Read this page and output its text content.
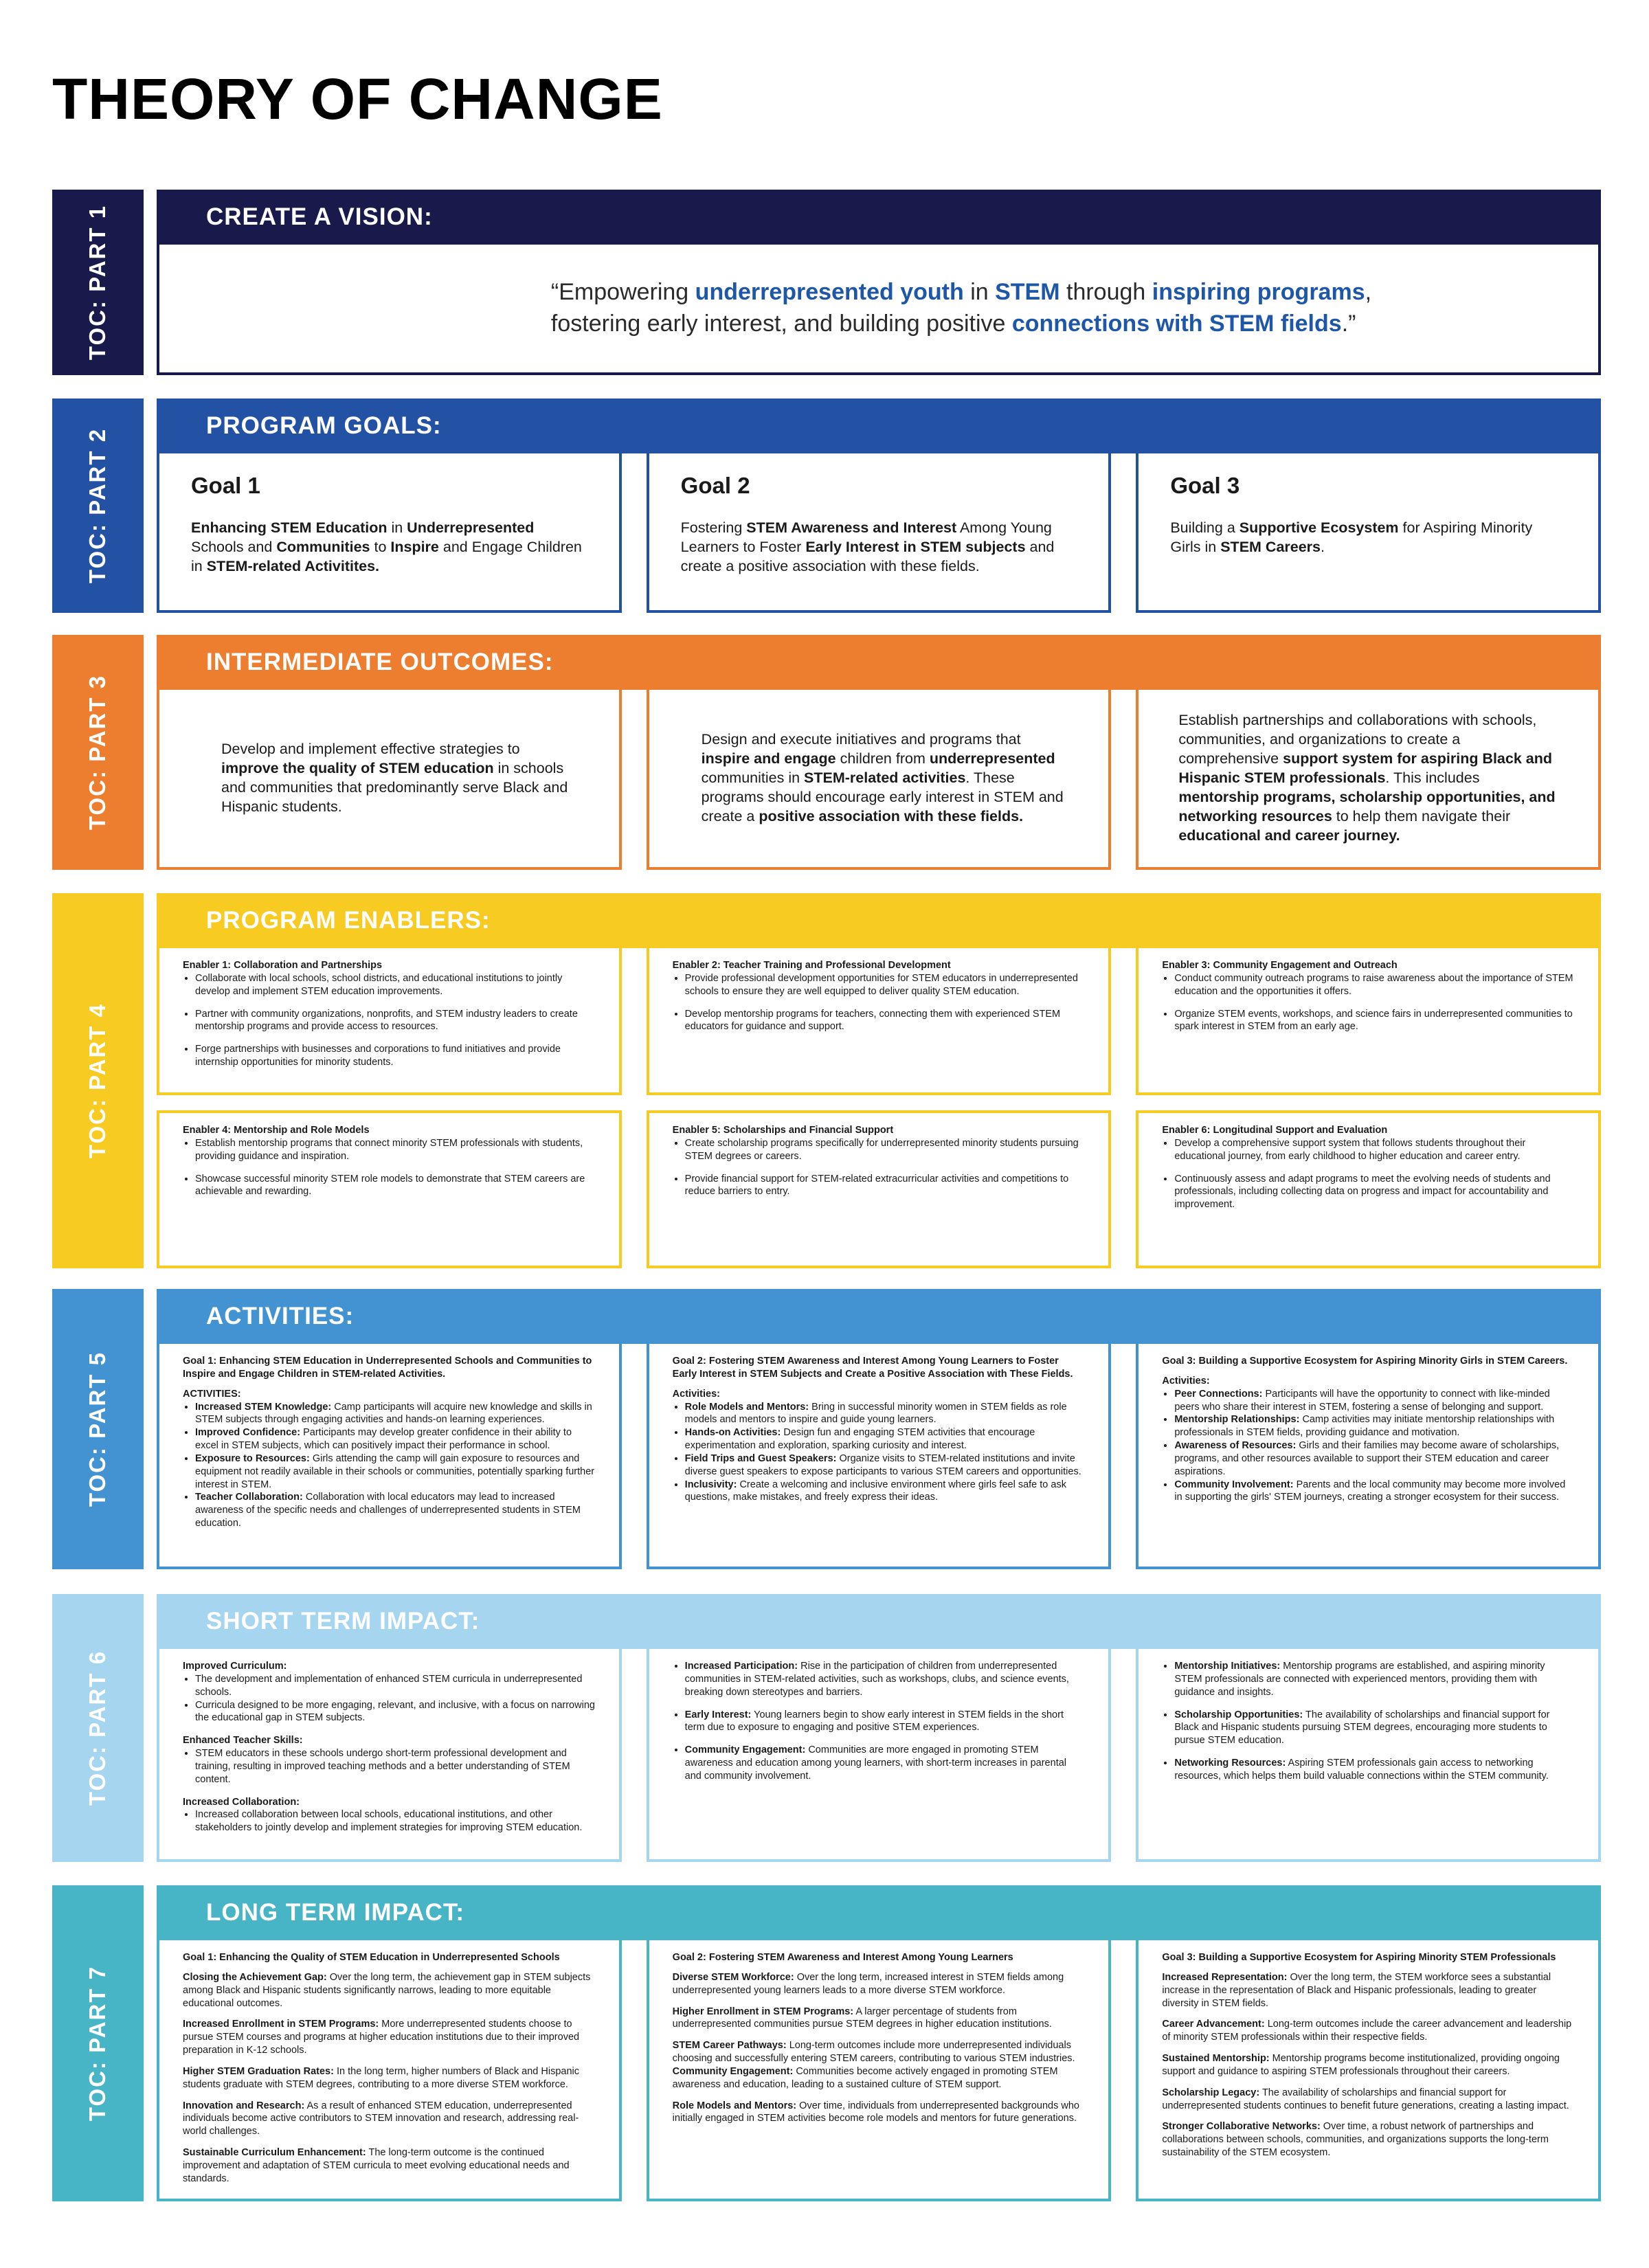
THEORY OF CHANGE
TOC: PART 1	CREATE A VISION:
“Empowering underrepresented youth in STEM through inspiring programs,
fostering early interest, and building positive connections with STEM fields.”
TOC: PART 2
PROGRAM GOALS:
Goal 1
Enhancing STEM Education in Underrepresented Schools and Communities to Inspire and Engage Children in STEM-related Activitites.
Goal 2
Fostering STEM Awareness and Interest Among Young Learners to Foster Early Interest in STEM subjects and create a positive association with these fields.
Goal 3
Building a Supportive Ecosystem for Aspiring Minority Girls in STEM Careers.
TOC: PART 3
INTERMEDIATE OUTCOMES:
Develop and implement effective strategies to improve the quality of STEM education in schools and communities that predominantly serve Black and Hispanic students.
Design and execute initiatives and programs that inspire and engage children from underrepresented communities in STEM-related activities. These programs should encourage early interest in STEM and create a positive association with these fields.
Establish partnerships and collaborations with schools, communities, and organizations to create a comprehensive support system for aspiring Black and Hispanic STEM professionals. This includes mentorship programs, scholarship opportunities, and networking resources to help them navigate their educational and career journey.
TOC: PART 4
PROGRAM ENABLERS:
Enabler 1: Collaboration and Partnerships
• Collaborate with local schools, school districts, and educational institutions to jointly develop and implement STEM education improvements.
• Partner with community organizations, nonprofits, and STEM industry leaders to create mentorship programs and provide access to resources.
• Forge partnerships with businesses and corporations to fund initiatives and provide internship opportunities for minority students.
Enabler 2: Teacher Training and Professional Development
• Provide professional development opportunities for STEM educators in underrepresented schools to ensure they are well equipped to deliver quality STEM education.
• Develop mentorship programs for teachers, connecting them with experienced STEM educators for guidance and support.
Enabler 3: Community Engagement and Outreach
• Conduct community outreach programs to raise awareness about the importance of STEM education and the opportunities it offers.
• Organize STEM events, workshops, and science fairs in underrepresented communities to spark interest in STEM from an early age.
Enabler 4: Mentorship and Role Models
• Establish mentorship programs that connect minority STEM professionals with students, providing guidance and inspiration.
• Showcase successful minority STEM role models to demonstrate that STEM careers are achievable and rewarding.
Enabler 5: Scholarships and Financial Support
• Create scholarship programs specifically for underrepresented minority students pursuing STEM degrees or careers.
• Provide financial support for STEM-related extracurricular activities and competitions to reduce barriers to entry.
Enabler 6: Longitudinal Support and Evaluation
• Develop a comprehensive support system that follows students throughout their educational journey, from early childhood to higher education and career entry.
• Continuously assess and adapt programs to meet the evolving needs of students and professionals, including collecting data on progress and impact for accountability and improvement.
TOC: PART 5
ACTIVITIES:
Goal 1: Enhancing STEM Education in Underrepresented Schools and Communities to Inspire and Engage Children in STEM-related Activities.
ACTIVITIES:
• Increased STEM Knowledge: Camp participants will acquire new knowledge and skills in STEM subjects through engaging activities and hands-on learning experiences.
• Improved Confidence: Participants may develop greater confidence in their ability to excel in STEM subjects, which can positively impact their performance in school.
• Exposure to Resources: Girls attending the camp will gain exposure to resources and equipment not readily available in their schools or communities, potentially sparking further interest in STEM.
• Teacher Collaboration: Collaboration with local educators may lead to increased awareness of the specific needs and challenges of underrepresented students in STEM education.
Goal 2: Fostering STEM Awareness and Interest Among Young Learners to Foster Early Interest in STEM Subjects and Create a Positive Association with These Fields.
Activities:
• Role Models and Mentors: Bring in successful minority women in STEM fields as role models and mentors to inspire and guide young learners.
• Hands-on Activities: Design fun and engaging STEM activities that encourage experimentation and exploration, sparking curiosity and interest.
• Field Trips and Guest Speakers: Organize visits to STEM-related institutions and invite diverse guest speakers to expose participants to various STEM careers and opportunities.
• Inclusivity: Create a welcoming and inclusive environment where girls feel safe to ask questions, make mistakes, and freely express their ideas.
Goal 3: Building a Supportive Ecosystem for Aspiring Minority Girls in STEM Careers.
Activities:
• Peer Connections: Participants will have the opportunity to connect with like-minded peers who share their interest in STEM, fostering a sense of belonging and support.
• Mentorship Relationships: Camp activities may initiate mentorship relationships with professionals in STEM fields, providing guidance and motivation.
• Awareness of Resources: Girls and their families may become aware of scholarships, programs, and other resources available to support their STEM education and career aspirations.
• Community Involvement: Parents and the local community may become more involved in supporting the girls' STEM journeys, creating a stronger ecosystem for their success.
TOC: PART 6
SHORT TERM IMPACT:
Improved Curriculum:
• The development and implementation of enhanced STEM curricula in underrepresented schools.
• Curricula designed to be more engaging, relevant, and inclusive, with a focus on narrowing the educational gap in STEM subjects.
Enhanced Teacher Skills:
• STEM educators in these schools undergo short-term professional development and training, resulting in improved teaching methods and a better understanding of STEM content.
Increased Collaboration:
• Increased collaboration between local schools, educational institutions, and other stakeholders to jointly develop and implement strategies for improving STEM education.
• Increased Participation: Rise in the participation of children from underrepresented communities in STEM-related activities, such as workshops, clubs, and science events, breaking down stereotypes and barriers.
• Early Interest: Young learners begin to show early interest in STEM fields in the short term due to exposure to engaging and positive STEM experiences.
• Community Engagement: Communities are more engaged in promoting STEM awareness and education among young learners, with short-term increases in parental and community involvement.
• Mentorship Initiatives: Mentorship programs are established, and aspiring minority STEM professionals are connected with experienced mentors, providing them with guidance and insights.
• Scholarship Opportunities: The availability of scholarships and financial support for Black and Hispanic students pursuing STEM degrees, encouraging more students to pursue STEM education.
• Networking Resources: Aspiring STEM professionals gain access to networking resources, which helps them build valuable connections within the STEM community.
TOC: PART 7
LONG TERM IMPACT:
Goal 1: Enhancing the Quality of STEM Education in Underrepresented Schools

Closing the Achievement Gap: Over the long term, the achievement gap in STEM subjects among Black and Hispanic students significantly narrows, leading to more equitable educational outcomes.

Increased Enrollment in STEM Programs: More underrepresented students choose to pursue STEM courses and programs at higher education institutions due to their improved preparation in K-12 schools.

Higher STEM Graduation Rates: In the long term, higher numbers of Black and Hispanic students graduate with STEM degrees, contributing to a more diverse STEM workforce.

Innovation and Research: As a result of enhanced STEM education, underrepresented individuals become active contributors to STEM innovation and research, addressing real-world challenges.

Sustainable Curriculum Enhancement: The long-term outcome is the continued improvement and adaptation of STEM curricula to meet evolving educational needs and standards.

Goal 2: Fostering STEM Awareness and Interest Among Young Learners

Diverse STEM Workforce: Over the long term, increased interest in STEM fields among underrepresented young learners leads to a more diverse STEM workforce.

Higher Enrollment in STEM Programs: A larger percentage of students from underrepresented communities pursue STEM degrees in higher education institutions.

STEM Career Pathways: Long-term outcomes include more underrepresented individuals choosing and successfully entering STEM careers, contributing to various STEM industries.
Community Engagement: Communities become actively engaged in promoting STEM awareness and education, leading to a sustained culture of STEM support.

Role Models and Mentors: Over time, individuals from underrepresented backgrounds who initially engaged in STEM activities become role models and mentors for future generations.

Goal 3: Building a Supportive Ecosystem for Aspiring Minority STEM Professionals

Increased Representation: Over the long term, the STEM workforce sees a substantial increase in the representation of Black and Hispanic professionals, leading to greater diversity in STEM fields.

Career Advancement: Long-term outcomes include the career advancement and leadership of minority STEM professionals within their respective fields.

Sustained Mentorship: Mentorship programs become institutionalized, providing ongoing support and guidance to aspiring STEM professionals throughout their careers.

Scholarship Legacy: The availability of scholarships and financial support for underrepresented students continues to benefit future generations, creating a lasting impact.

Stronger Collaborative Networks: Over time, a robust network of partnerships and collaborations between schools, communities, and organizations supports the long-term sustainability of the STEM ecosystem.
